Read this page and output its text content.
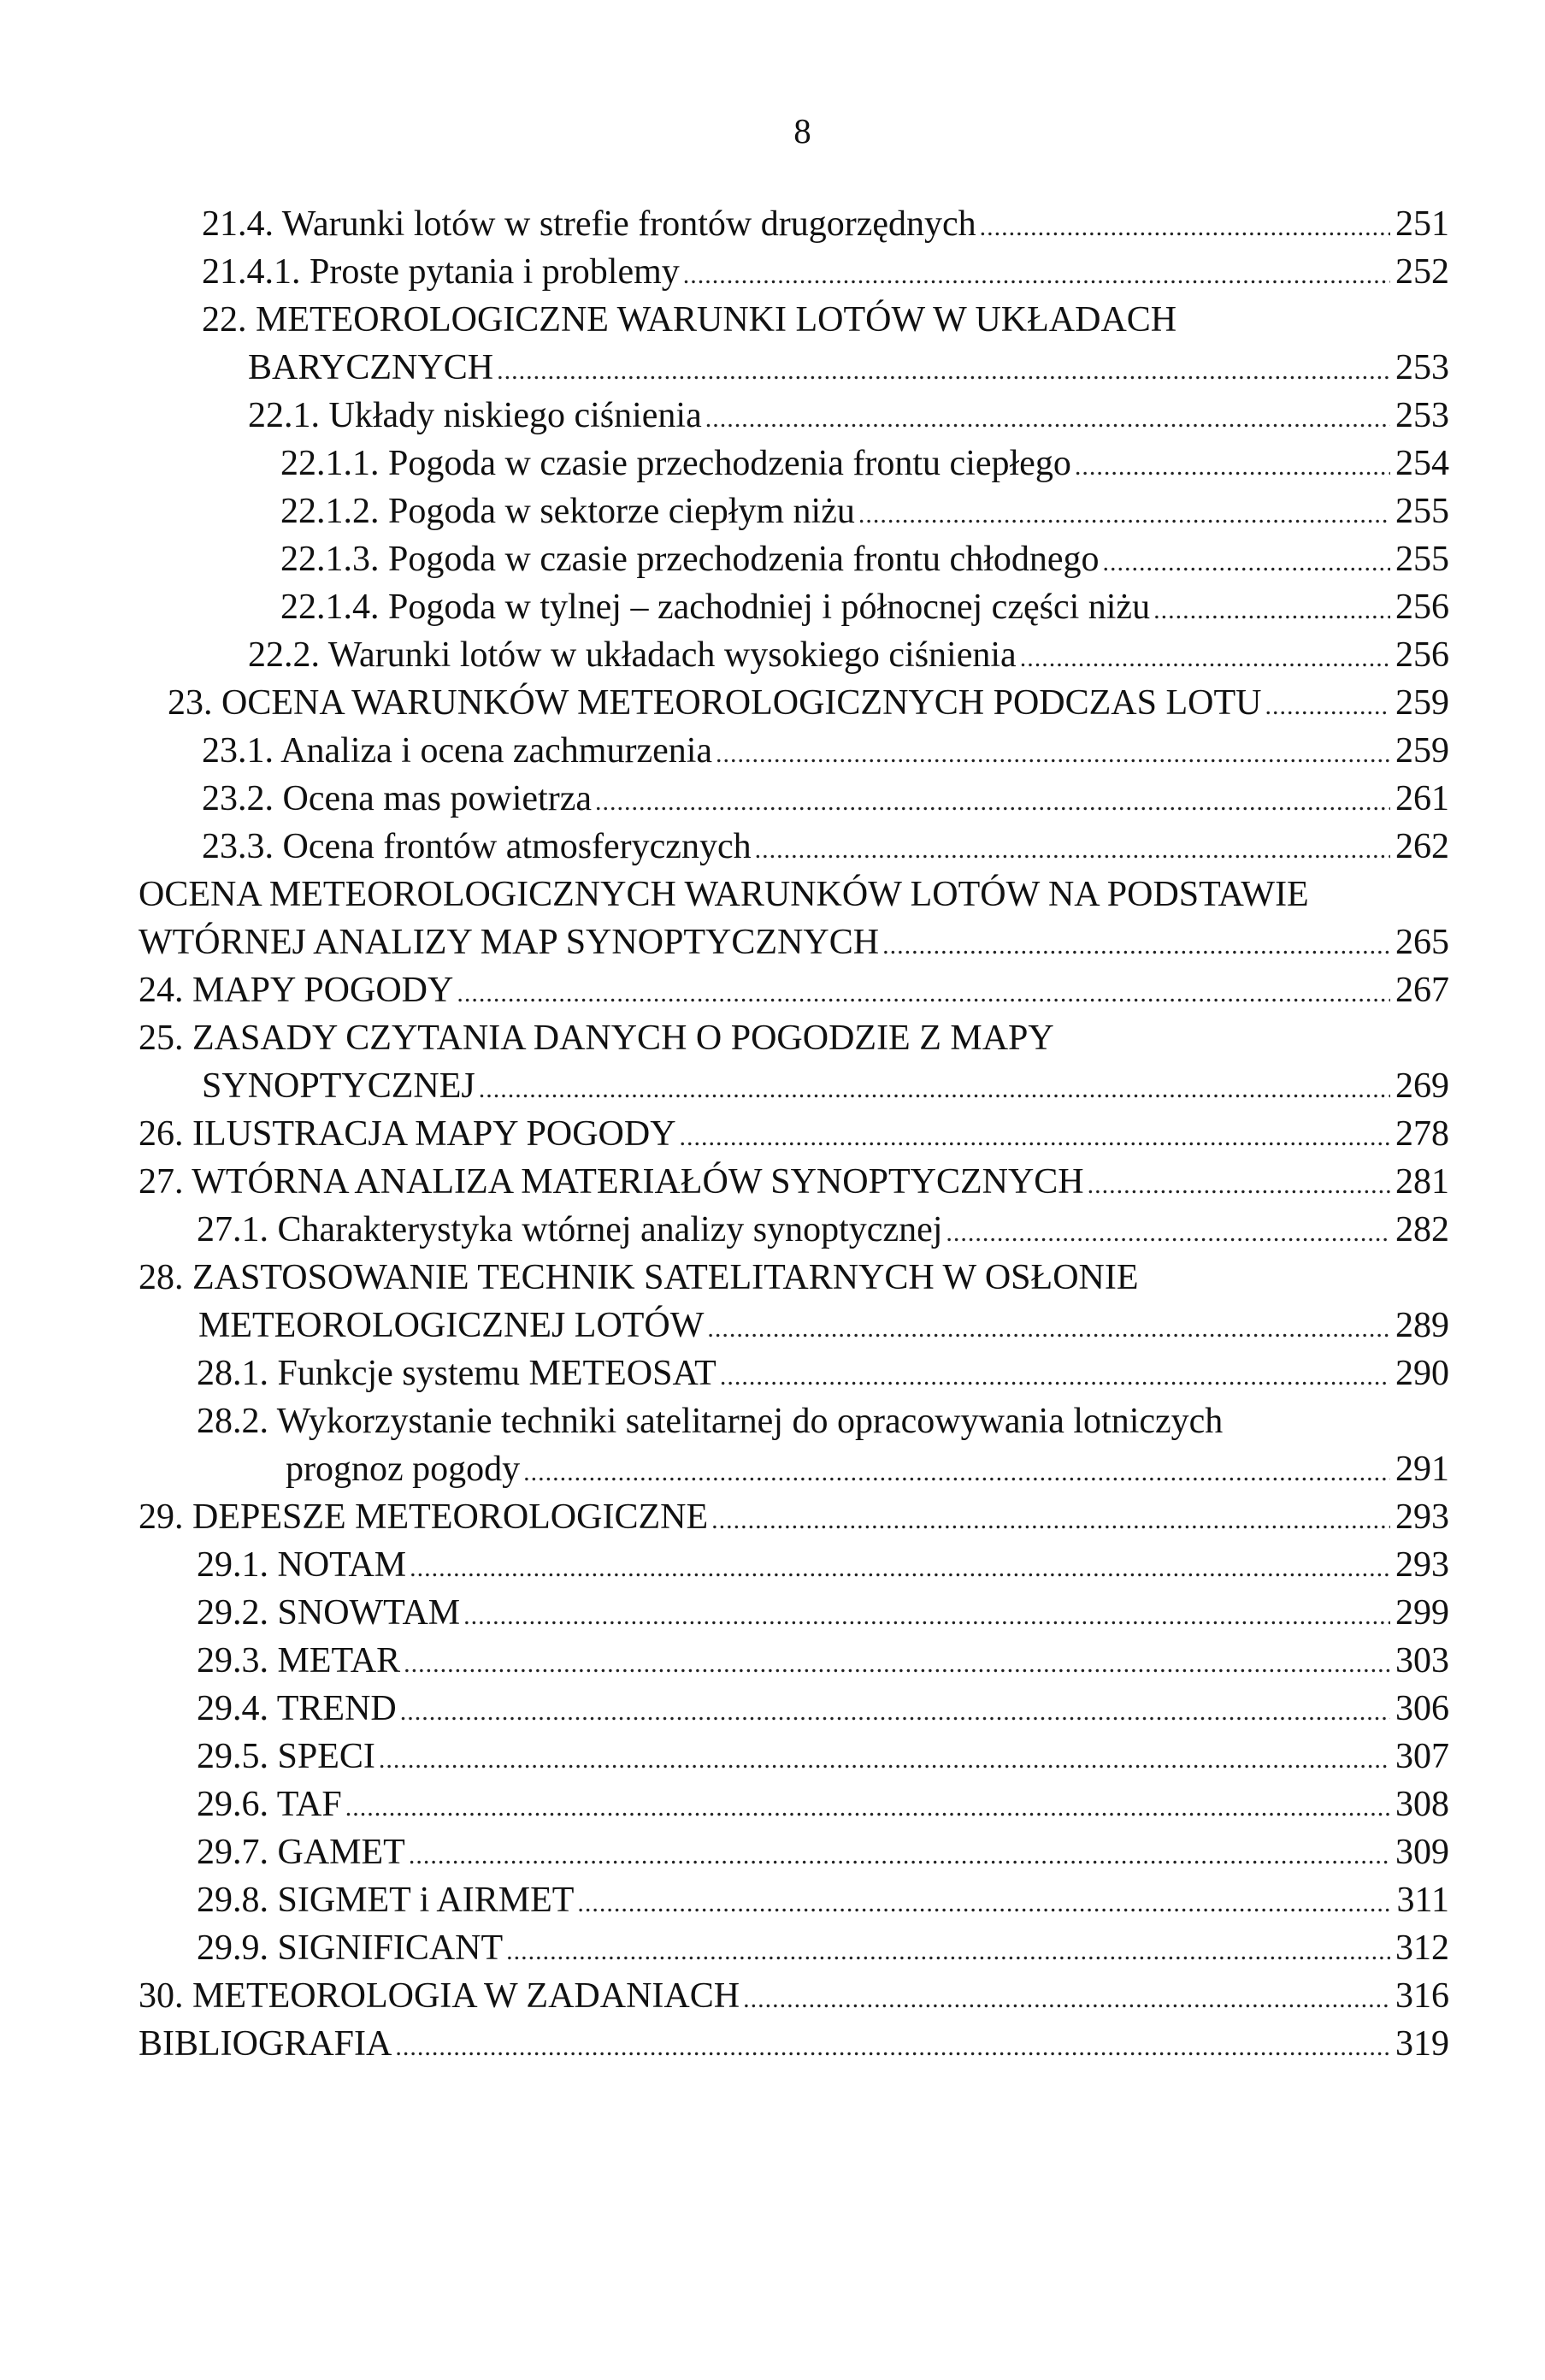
8
21.4. Warunki lotów w strefie frontów drugorzędnych .....	251
21.4.1. Proste pytania i problemy .....	252
22. METEOROLOGICZNE WARUNKI LOTÓW W UKŁADACH
BARYCZNYCH .....	253
22.1. Układy niskiego ciśnienia .....	253
22.1.1. Pogoda w czasie przechodzenia frontu ciepłego .....	254
22.1.2. Pogoda w sektorze ciepłym niżu .....	255
22.1.3. Pogoda w czasie przechodzenia frontu chłodnego .....	255
22.1.4. Pogoda w tylnej – zachodniej i północnej części niżu .....	256
22.2. Warunki lotów w układach wysokiego ciśnienia .....	256
23. OCENA WARUNKÓW METEOROLOGICZNYCH PODCZAS LOTU .....	259
23.1. Analiza i ocena zachmurzenia .....	259
23.2. Ocena mas powietrza .....	261
23.3. Ocena frontów atmosferycznych .....	262
OCENA METEOROLOGICZNYCH WARUNKÓW LOTÓW NA PODSTAWIE
WTÓRNEJ ANALIZY MAP SYNOPTYCZNYCH .....	265
24. MAPY POGODY .....	267
25. ZASADY CZYTANIA DANYCH O POGODZIE Z MAPY
SYNOPTYCZNEJ .....	269
26. ILUSTRACJA MAPY POGODY .....	278
27. WTÓRNA ANALIZA MATERIAŁÓW SYNOPTYCZNYCH .....	281
27.1. Charakterystyka wtórnej analizy synoptycznej .....	282
28. ZASTOSOWANIE TECHNIK SATELITARNYCH W OSŁONIE
METEOROLOGICZNEJ LOTÓW .....	289
28.1. Funkcje systemu METEOSAT .....	290
28.2. Wykorzystanie techniki satelitarnej do opracowywania lotniczych
prognoz pogody .....	291
29. DEPESZE METEOROLOGICZNE .....	293
29.1. NOTAM .....	293
29.2. SNOWTAM .....	299
29.3. METAR .....	303
29.4. TREND .....	306
29.5. SPECI .....	307
29.6. TAF .....	308
29.7. GAMET .....	309
29.8. SIGMET i AIRMET .....	311
29.9. SIGNIFICANT .....	312
30. METEOROLOGIA W ZADANIACH .....	316
BIBLIOGRAFIA .....	319
